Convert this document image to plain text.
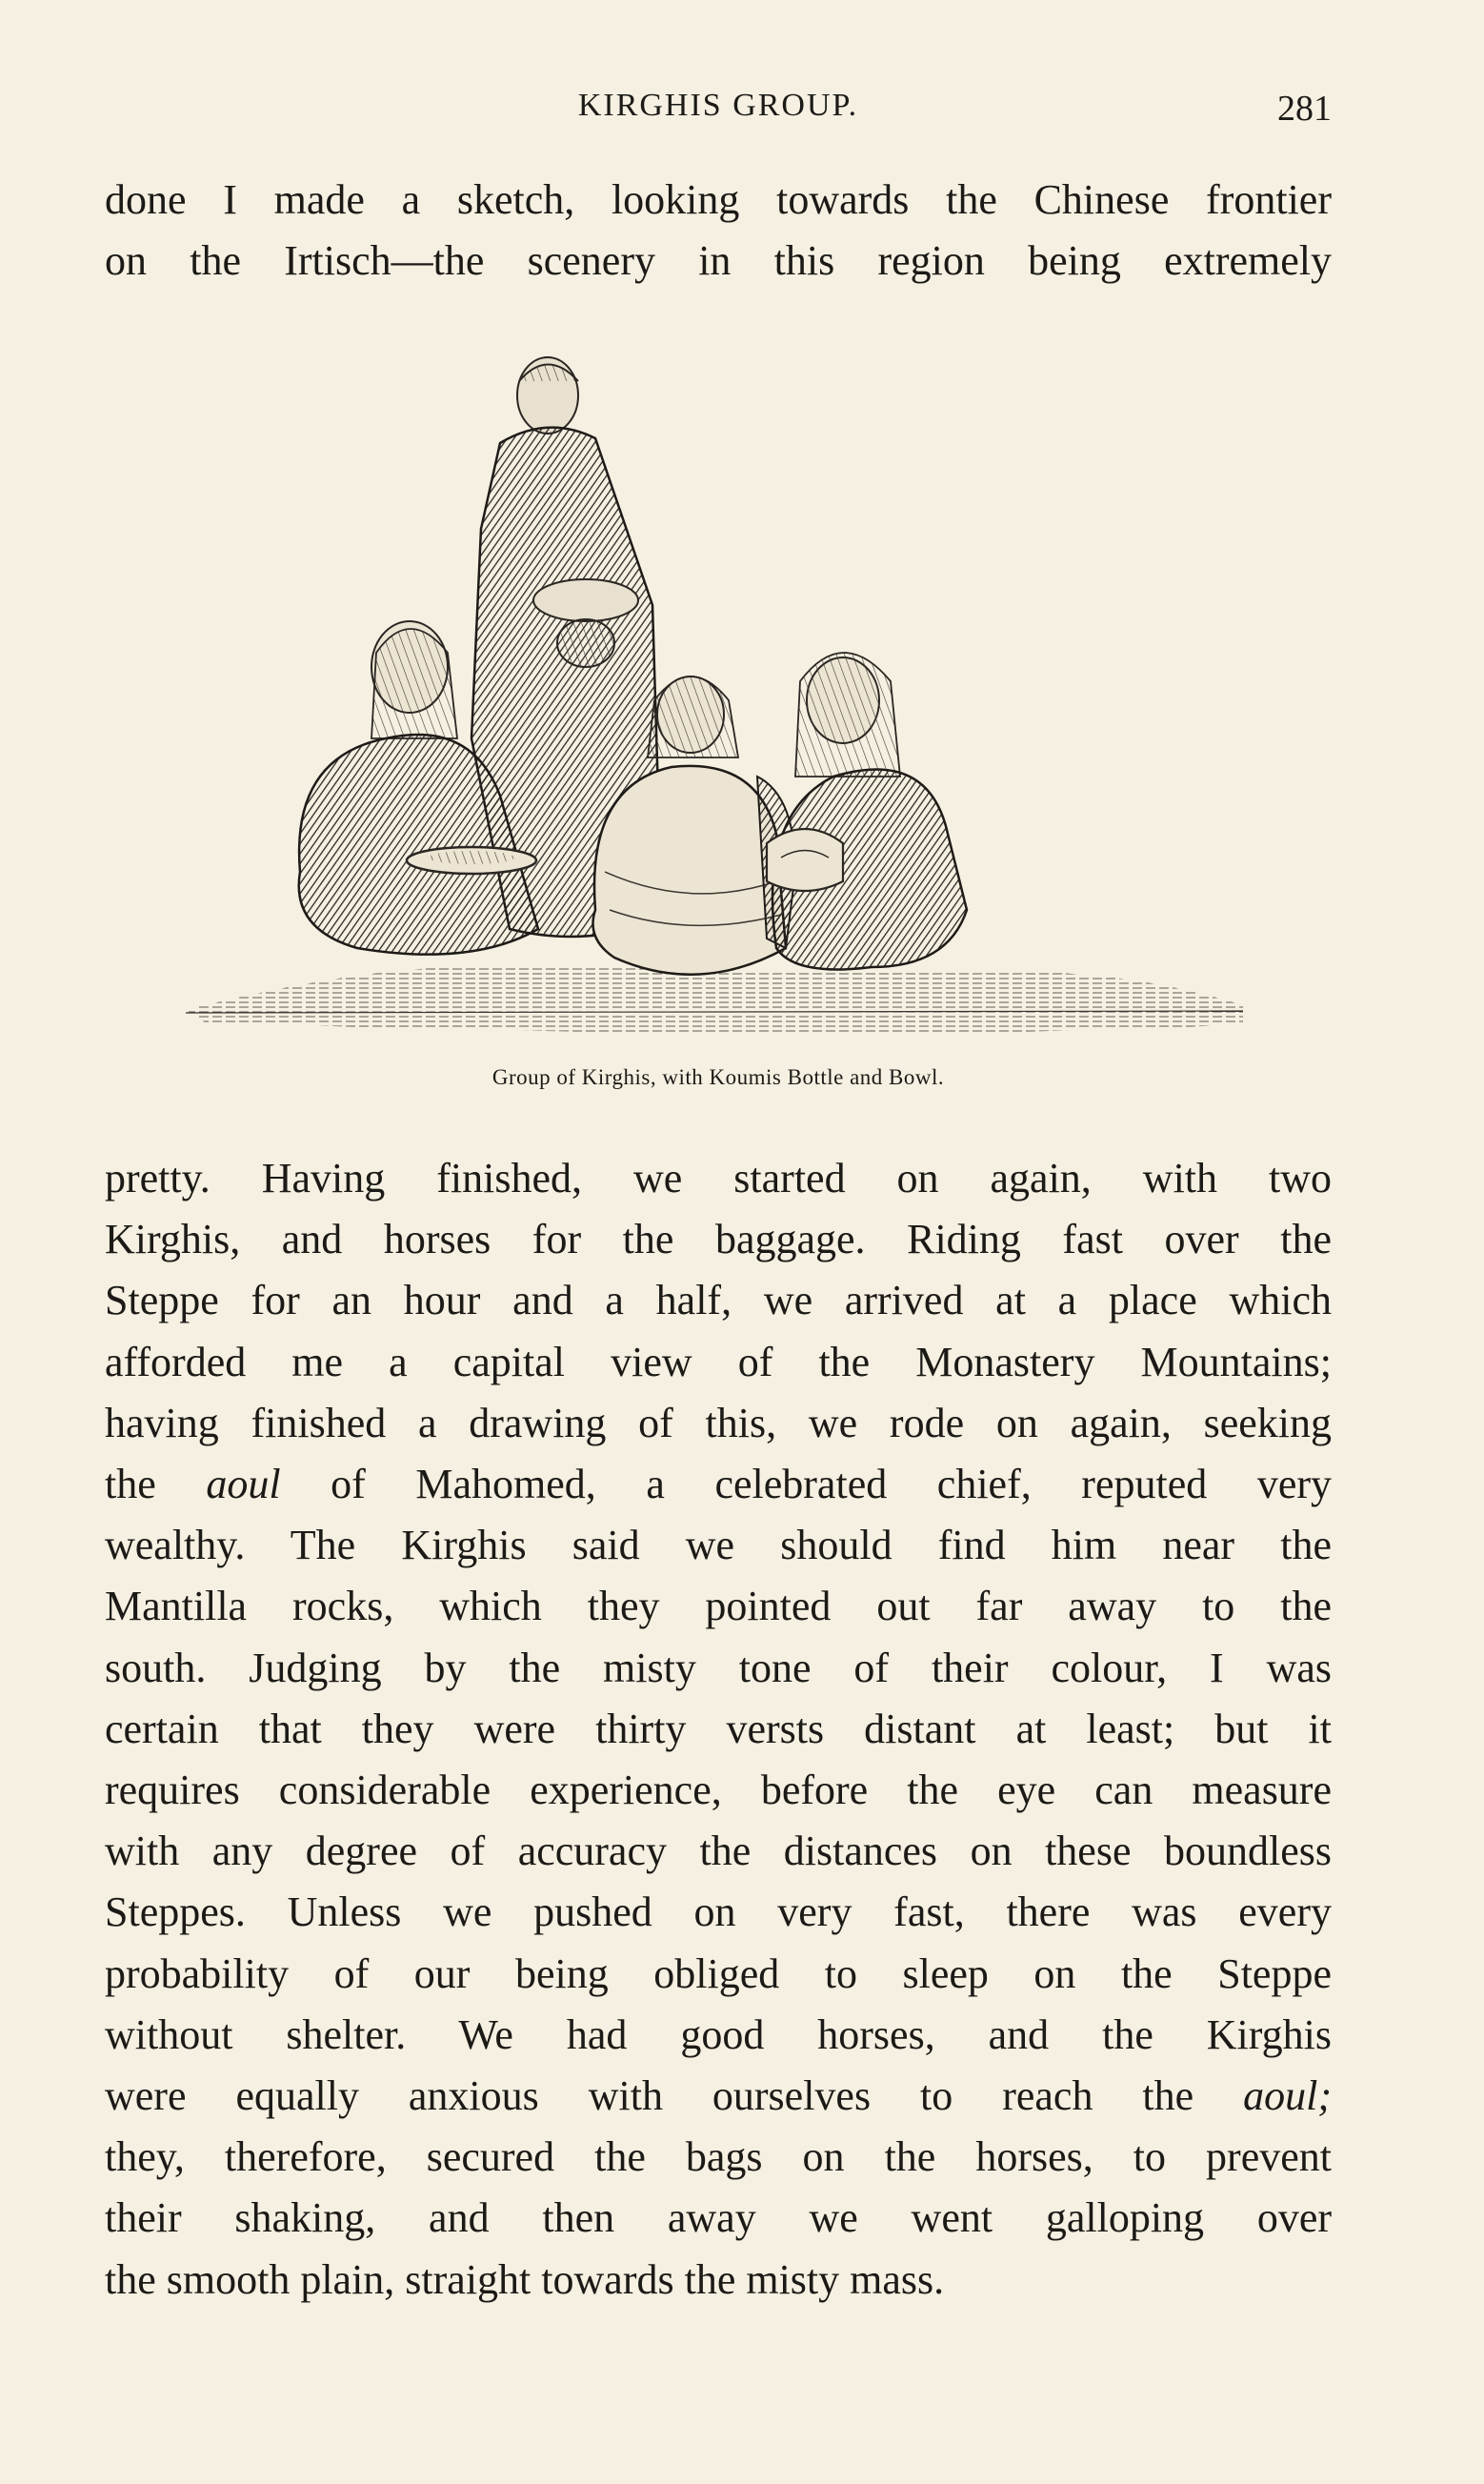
KIRGHIS GROUP.	281
done I made a sketch, looking towards the Chinese frontier
on the Irtisch—the scenery in this region being extremely
Group of Kirghis, with Koumis Bottle and Bowl.
pretty. Having finished, we started on again, with two
Kirghis, and horses for the baggage. Riding fast over the
Steppe for an hour and a half, we arrived at a place which
afforded me a capital view of the Monastery Mountains;
having finished a drawing of this, we rode on again, seeking
the aoul of Mahomed, a celebrated chief, reputed very
wealthy. The Kirghis said we should find him near the
Mantilla rocks, which they pointed out far away to the
south. Judging by the misty tone of their colour, I was
certain that they were thirty versts distant at least; but it
requires considerable experience, before the eye can measure
with any degree of accuracy the distances on these boundless
Steppes. Unless we pushed on very fast, there was every
probability of our being obliged to sleep on the Steppe
without shelter. We had good horses, and the Kirghis
were equally anxious with ourselves to reach the aoul;
they, therefore, secured the bags on the horses, to prevent
their shaking, and then away we went galloping over
the smooth plain, straight towards the misty mass.
